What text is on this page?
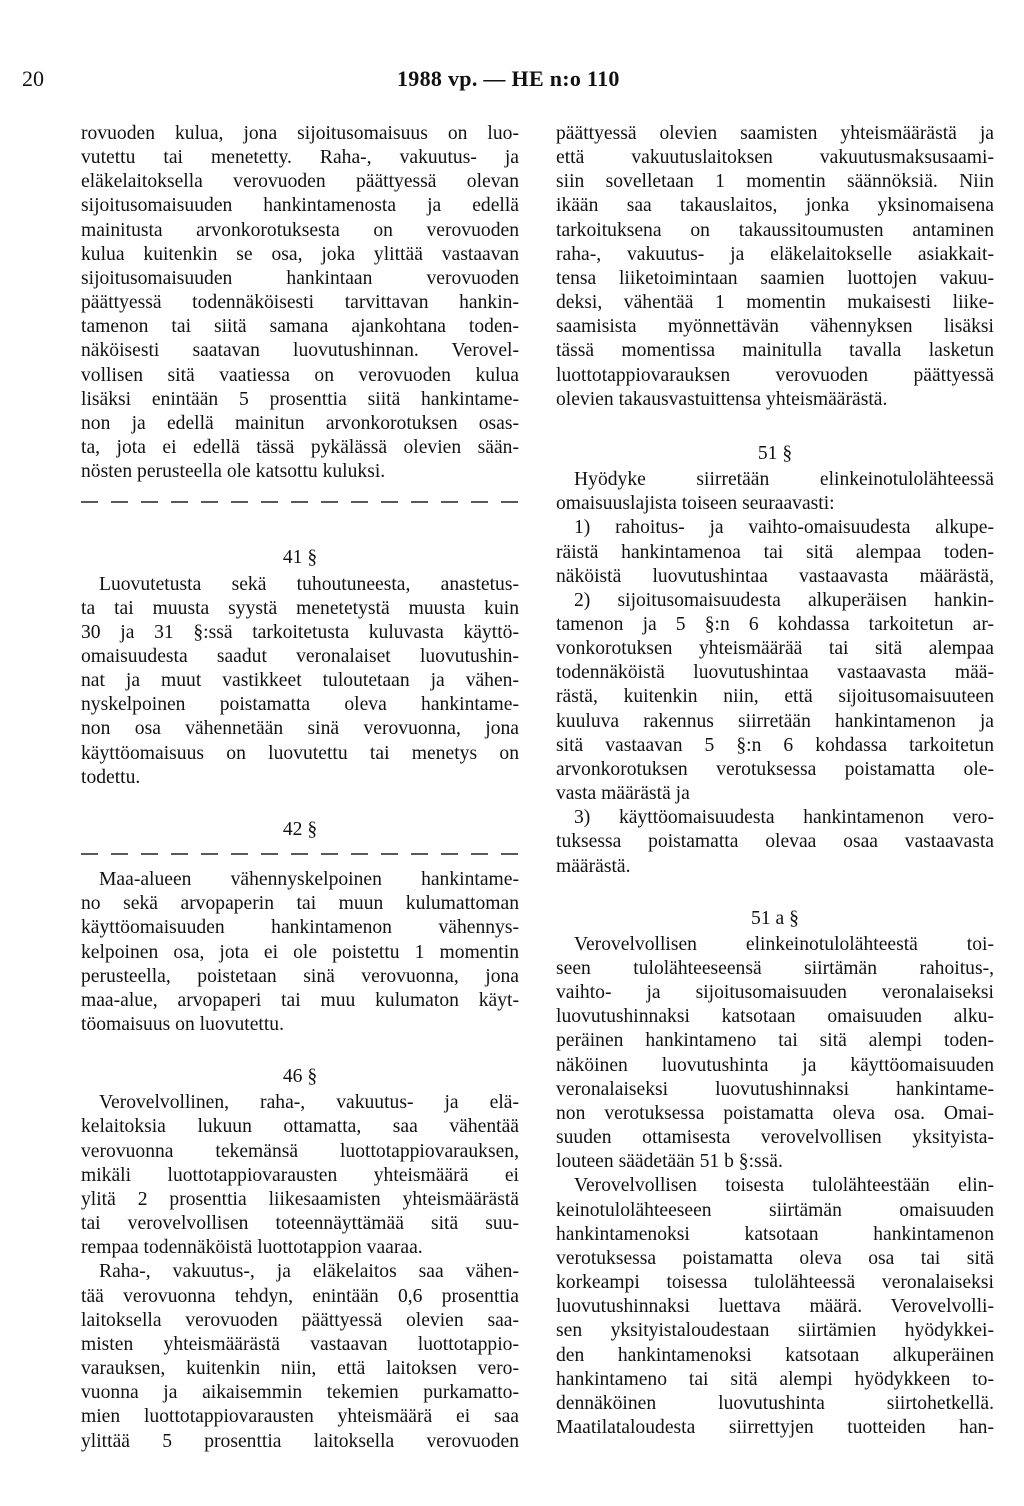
20	1988 vp. — HE n:o 110
rovuoden kulua, jona sijoitusomaisuus on luo-
vutettu tai menetetty. Raha-, vakuutus- ja
eläkelaitoksella verovuoden päättyessä olevan
sijoitusomaisuuden hankintamenosta ja edellä
mainitusta arvonkorotuksesta on verovuoden
kulua kuitenkin se osa, joka ylittää vastaavan
sijoitusomaisuuden hankintaan verovuoden
päättyessä todennäköisesti tarvittavan hankin-
tamenon tai siitä samana ajankohtana toden-
näköisesti saatavan luovutushinnan. Verovel-
vollisen sitä vaatiessa on verovuoden kulua
lisäksi enintään 5 prosenttia siitä hankintame-
non ja edellä mainitun arvonkorotuksen osas-
ta, jota ei edellä tässä pykälässä olevien sään-
nösten perusteella ole katsottu kuluksi.
41 §
Luovutetusta sekä tuhoutuneesta, anastetus-
ta tai muusta syystä menetetystä muusta kuin
30 ja 31 §:ssä tarkoitetusta kuluvasta käyttö-
omaisuudesta saadut veronalaiset luovutushin-
nat ja muut vastikkeet tuloutetaan ja vähen-
nyskelpoinen poistamatta oleva hankintame-
non osa vähennetään sinä verovuonna, jona
käyttöomaisuus on luovutettu tai menetys on
todettu.
42 §
Maa-alueen vähennyskelpoinen hankintame-
no sekä arvopaperin tai muun kulumattoman
käyttöomaisuuden hankintamenon vähennys-
kelpoinen osa, jota ei ole poistettu 1 momentin
perusteella, poistetaan sinä verovuonna, jona
maa-alue, arvopaperi tai muu kulumaton käyt-
töomaisuus on luovutettu.
46 §
Verovelvollinen, raha-, vakuutus- ja elä-
kelaitoksia lukuun ottamatta, saa vähentää
verovuonna tekemänsä luottotappiovarauksen,
mikäli luottotappiovarausten yhteismäärä ei
ylitä 2 prosenttia liikesaamisten yhteismäärästä
tai verovelvollisen toteennäyttämää sitä suu-
rempaa todennäköistä luottotappion vaaraa.
Raha-, vakuutus-, ja eläkelaitos saa vähen-
tää verovuonna tehdyn, enintään 0,6 prosenttia
laitoksella verovuoden päättyessä olevien saa-
misten yhteismäärästä vastaavan luottotappio-
varauksen, kuitenkin niin, että laitoksen vero-
vuonna ja aikaisemmin tekemien purkamatto-
mien luottotappiovarausten yhteismäärä ei saa
ylittää 5 prosenttia laitoksella verovuoden
päättyessä olevien saamisten yhteismäärästä ja
että vakuutuslaitoksen vakuutusmaksusaami-
siin sovelletaan 1 momentin säännöksiä. Niin
ikään saa takauslaitos, jonka yksinomaisena
tarkoituksena on takaussitoumusten antaminen
raha-, vakuutus- ja eläkelaitokselle asiakkait-
tensa liiketoimintaan saamien luottojen vakuu-
deksi, vähentää 1 momentin mukaisesti liike-
saamisista myönnettävän vähennyksen lisäksi
tässä momentissa mainitulla tavalla lasketun
luottotappiovarauksen verovuoden päättyessä
olevien takausvastuittensa yhteismäärästä.
51 §
Hyödyke siirretään elinkeinotulolähteessä
omaisuuslajista toiseen seuraavasti:
1) rahoitus- ja vaihto-omaisuudesta alkupe-
räistä hankintamenoa tai sitä alempaa toden-
näköistä luovutushintaa vastaavasta määrästä,
2) sijoitusomaisuudesta alkuperäisen hankin-
tamenon ja 5 §:n 6 kohdassa tarkoitetun ar-
vonkorotuksen yhteismäärää tai sitä alempaa
todennäköistä luovutushintaa vastaavasta mää-
rästä, kuitenkin niin, että sijoitusomaisuuteen
kuuluva rakennus siirretään hankintamenon ja
sitä vastaavan 5 §:n 6 kohdassa tarkoitetun
arvonkorotuksen verotuksessa poistamatta ole-
vasta määrästä ja
3) käyttöomaisuudesta hankintamenon vero-
tuksessa poistamatta olevaa osaa vastaavasta
määrästä.
51 a §
Verovelvollisen elinkeinotulolähteestä toi-
seen tulolähteeseensä siirtämän rahoitus-,
vaihto- ja sijoitusomaisuuden veronalaiseksi
luovutushinnaksi katsotaan omaisuuden alku-
peräinen hankintameno tai sitä alempi toden-
näköinen luovutushinta ja käyttöomaisuuden
veronalaiseksi luovutushinnaksi hankintame-
non verotuksessa poistamatta oleva osa. Omai-
suuden ottamisesta verovelvollisen yksityista-
louteen säädetään 51 b §:ssä.
Verovelvollisen toisesta tulolähteestään elin-
keinotulolähteeseen siirtämän omaisuuden
hankintamenoksi katsotaan hankintamenon
verotuksessa poistamatta oleva osa tai sitä
korkeampi toisessa tulolähteessä veronalaiseksi
luovutushinnaksi luettava määrä. Verovelvolli-
sen yksityistaloudestaan siirtämien hyödykkei-
den hankintamenoksi katsotaan alkuperäinen
hankintameno tai sitä alempi hyödykkeen to-
dennäköinen luovutushinta siirtohetkellä.
Maatilataloudesta siirrettyjen tuotteiden han-
